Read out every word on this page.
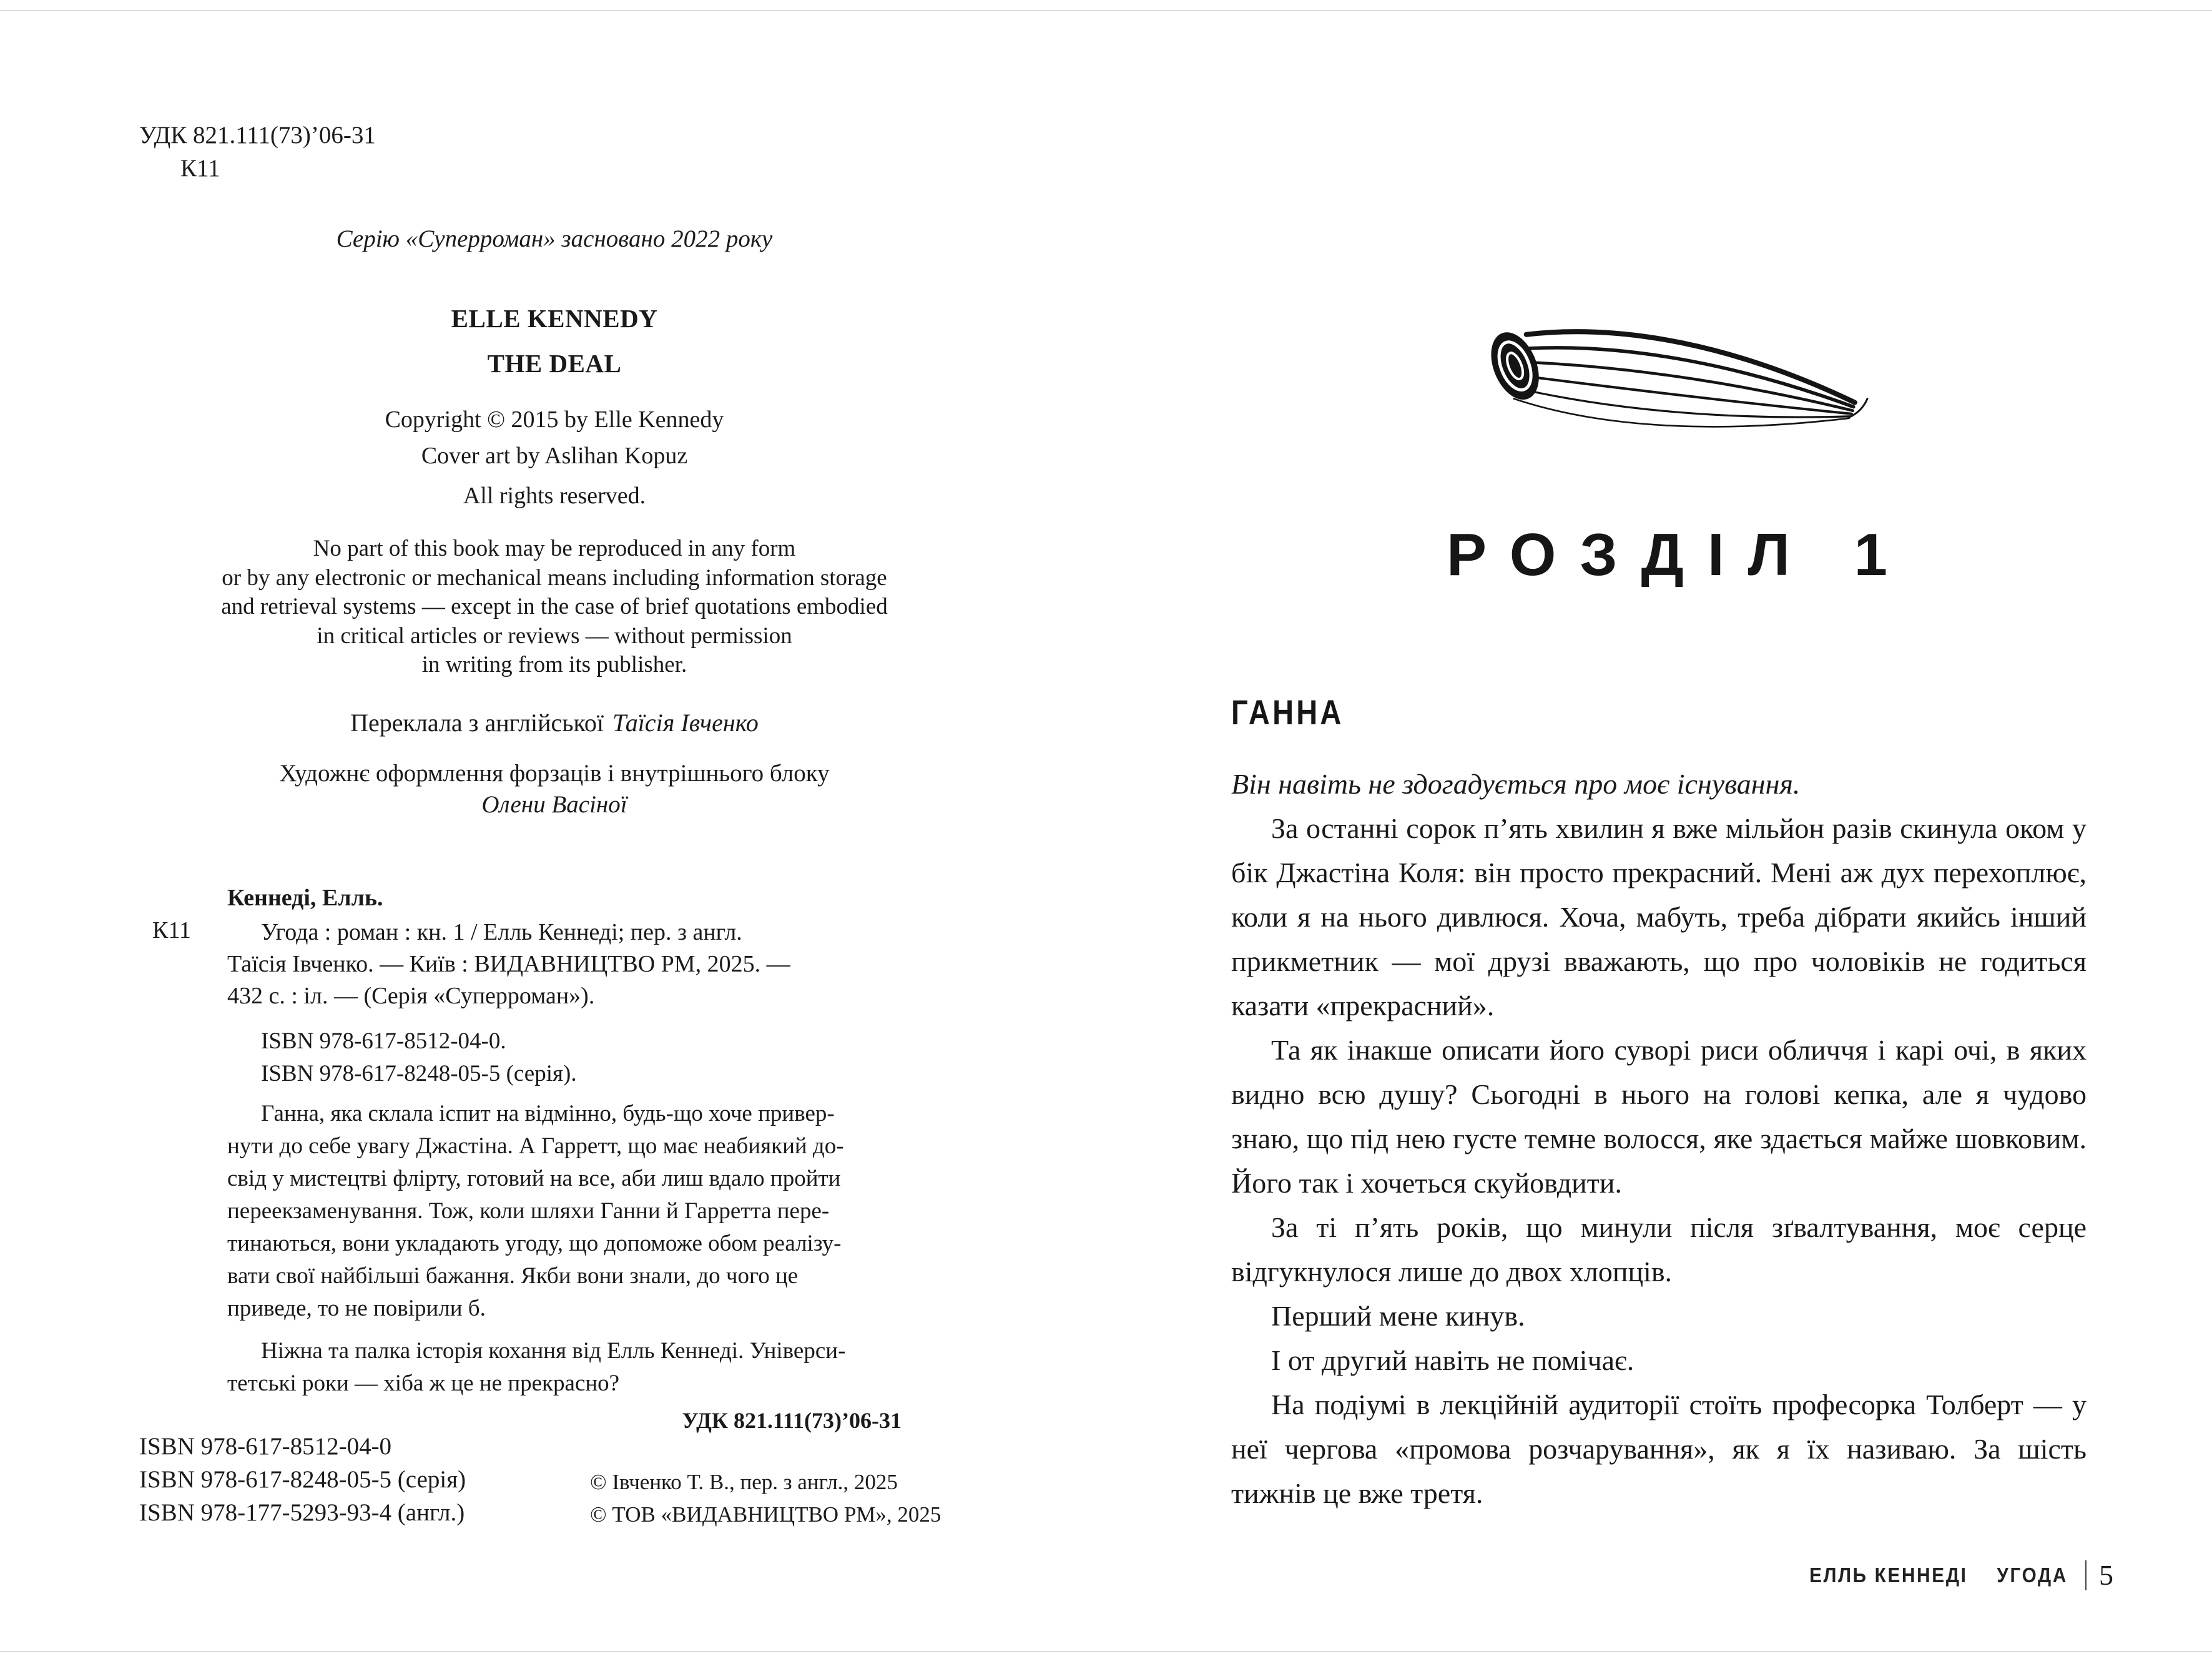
УДК 821.111(73)’06-31
К11
Серію «Суперроман» засновано 2022 року
ELLE KENNEDY
THE DEAL
Copyright © 2015 by Elle Kennedy
Cover art by Aslihan Kopuz
All rights reserved.
No part of this book may be reproduced in any form
or by any electronic or mechanical means including information storage
and retrieval systems — except in the case of brief quotations embodied
in critical articles or reviews — without permission
in writing from its publisher.
Переклала з англійської Таїсія Івченко
Художнє оформлення форзаців і внутрішнього блоку
Олени Васіної
Кеннеді, Елль.
К11	Угода : роман : кн. 1 / Елль Кеннеді; пер. з англ.
Таїсія Івченко. — Київ : ВИДАВНИЦТВО РМ, 2025. —
432 с. : іл. — (Серія «Суперроман»).
ISBN 978-617-8512-04-0.
ISBN 978-617-8248-05-5 (серія).
Ганна, яка склала іспит на відмінно, будь-що хоче привер-
нути до себе увагу Джастіна. А Гарретт, що має неабиякий до-
свід у мистецтві флірту, готовий на все, аби лиш вдало пройти
переекзаменування. Тож, коли шляхи Ганни й Гарретта пере-
тинаються, вони укладають угоду, що допоможе обом реалізу-
вати свої найбільші бажання. Якби вони знали, до чого це
приведе, то не повірили б.
Ніжна та палка історія кохання від Елль Кеннеді. Універси-
тетські роки — хіба ж це не прекрасно?
УДК 821.111(73)’06-31
ISBN 978-617-8512-04-0
ISBN 978-617-8248-05-5 (серія)
ISBN 978-177-5293-93-4 (англ.)
© Івченко Т. В., пер. з англ., 2025
© ТОВ «ВИДАВНИЦТВО РМ», 2025
РОЗДІЛ 1
ГАННА

Він навіть не здогадується про моє існування.

За останні сорок п’ять хвилин я вже мільйон разів скинула оком у бік Джастіна Коля: він просто прекрасний. Мені аж дух перехоплює, коли я на нього дивлюся. Хоча, мабуть, треба дібрати якийсь інший прикметник — мої друзі вважають, що про чоловіків не годиться казати «прекрасний».

Та як інакше описати його суворі риси обличчя і карі очі, в яких видно всю душу? Сьогодні в нього на голові кепка, але я чудово знаю, що під нею густе темне волосся, яке здається майже шовковим. Його так і хочеться скуйовдити.

За ті п’ять років, що минули після зґвалтування, моє серце відгукнулося лише до двох хлопців.

Перший мене кинув.

І от другий навіть не помічає.

На подіумі в лекційній аудиторії стоїть професорка Толберт — у неї чергова «промова розчарування», як я їх називаю. За шість тижнів це вже третя.

ЕЛЛЬ КЕННЕДІ УГОДА 5
